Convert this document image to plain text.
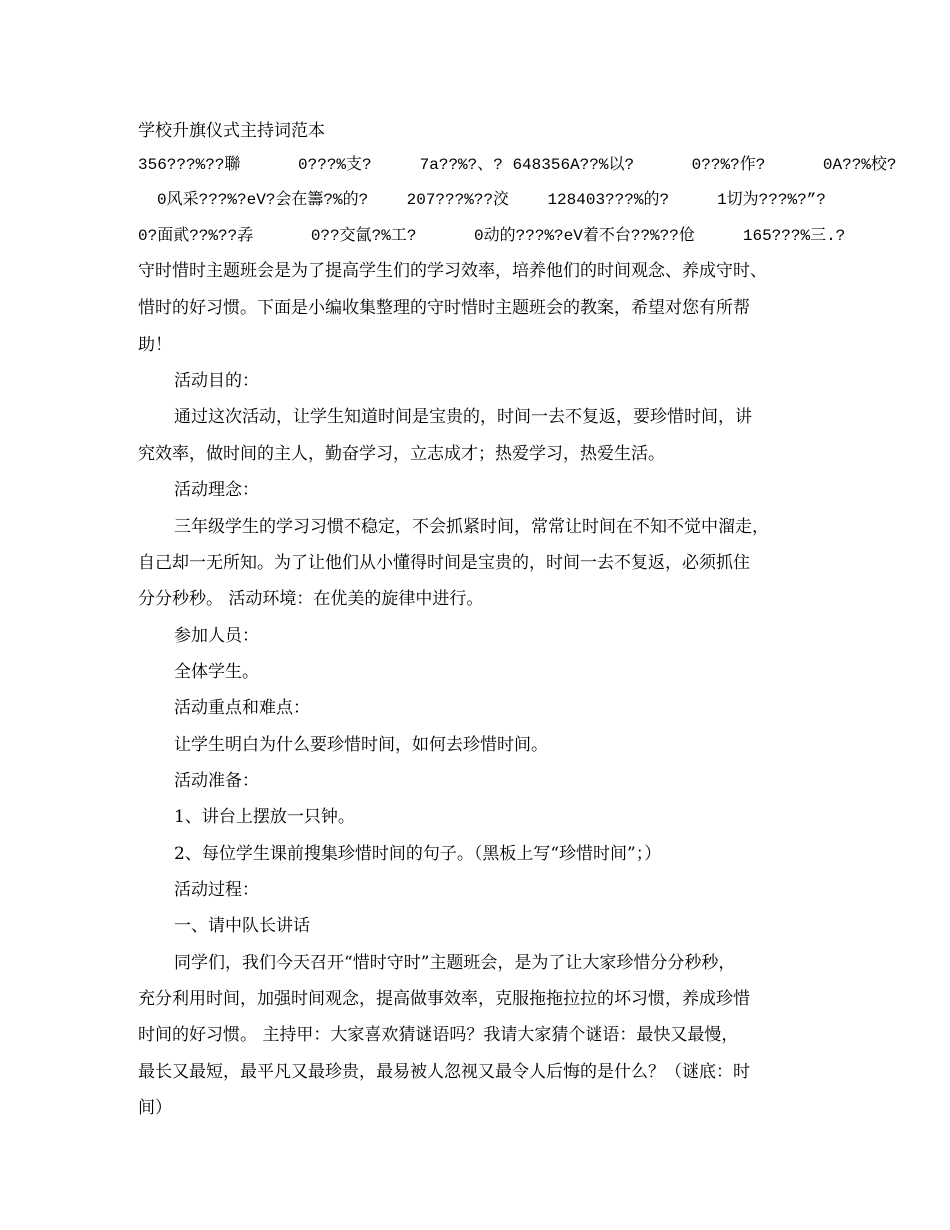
学校升旗仪式主持词范本
356???%??聯      0???%支?     7a??%?、? 648356A??%以?      0??%?作?      0A??%校?
0风采???%?eV?会在籌?%的?    207???%??洨    128403???%的?     1切为???%?”?
0?面貮??%??孨      0??交氤?%工?      0动的???%?eV着不台??%??伧     165???%三.?
守时惜时主题班会是为了提高学生们的学习效率，培养他们的时间观念、养成守时、
惜时的好习惯。下面是小编收集整理的守时惜时主题班会的教案，希望对您有所帮
助！
活动目的：
通过这次活动，让学生知道时间是宝贵的，时间一去不复返，要珍惜时间，讲
究效率，做时间的主人，勤奋学习，立志成才；热爱学习，热爱生活。
活动理念：
三年级学生的学习习惯不稳定，不会抓紧时间，常常让时间在不知不觉中溜走，
自己却一无所知。为了让他们从小懂得时间是宝贵的，时间一去不复返，必须抓住
分分秒秒。 活动环境：在优美的旋律中进行。
参加人员：
全体学生。
活动重点和难点：
让学生明白为什么要珍惜时间，如何去珍惜时间。
活动准备：
1、讲台上摆放一只钟。
2、每位学生课前搜集珍惜时间的句子。（黑板上写“珍惜时间”；）
活动过程：
一、请中队长讲话
同学们，我们今天召开“惜时守时”主题班会，是为了让大家珍惜分分秒秒，
充分利用时间，加强时间观念，提高做事效率，克服拖拖拉拉的坏习惯，养成珍惜
时间的好习惯。 主持甲：大家喜欢猜谜语吗？我请大家猜个谜语：最快又最慢，
最长又最短，最平凡又最珍贵，最易被人忽视又最令人后悔的是什么？（谜底：时
间）
